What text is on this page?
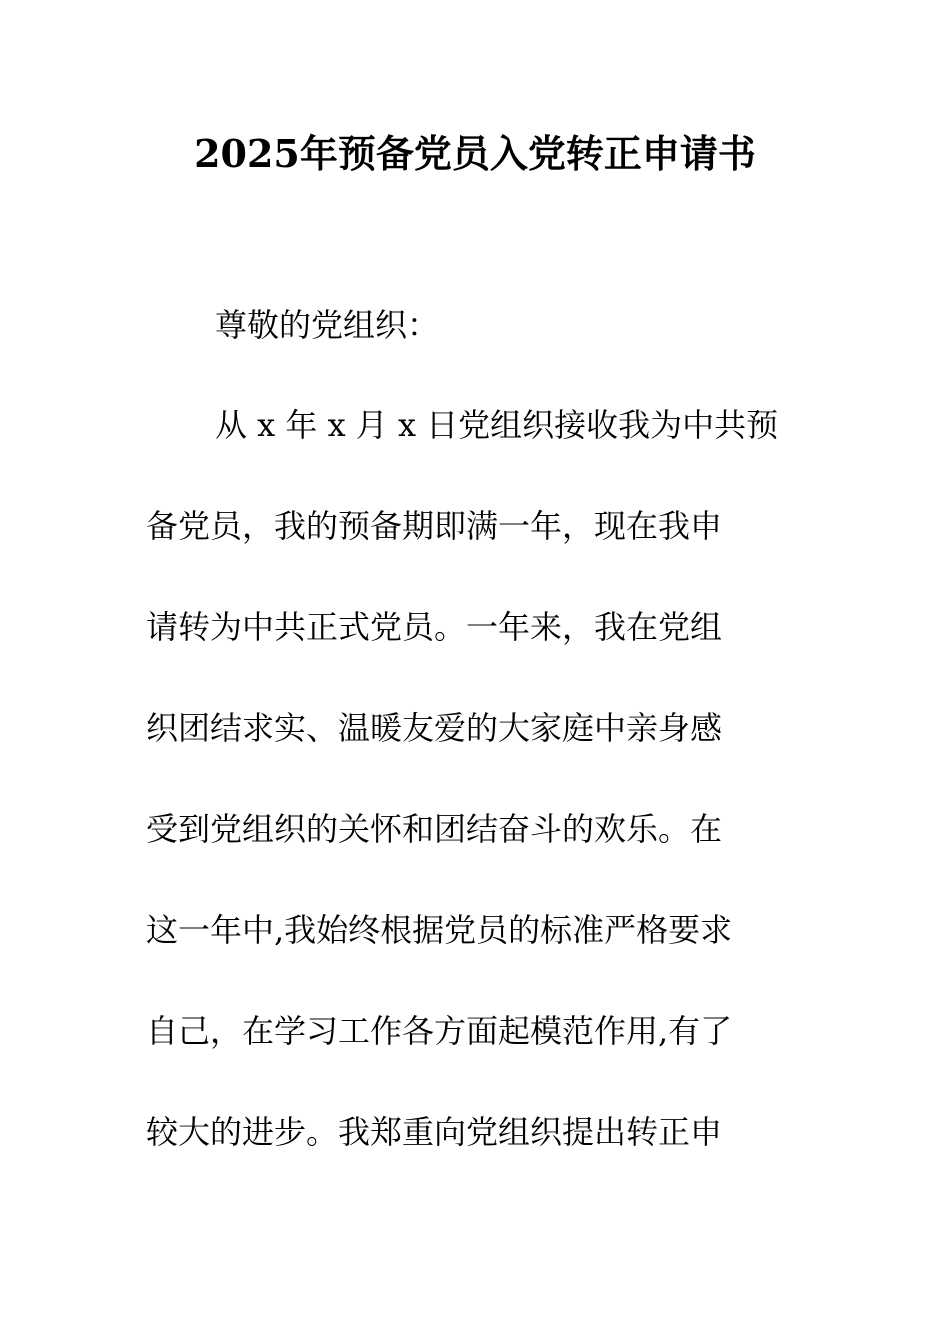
2025年预备党员入党转正申请书
尊敬的党组织：
从 x 年 x 月 x 日党组织接收我为中共预
备党员，我的预备期即满一年，现在我申
请转为中共正式党员。一年来，我在党组
织团结求实、温暖友爱的大家庭中亲身感
受到党组织的关怀和团结奋斗的欢乐。在
这一年中,我始终根据党员的标准严格要求
自己，在学习工作各方面起模范作用,有了
较大的进步。我郑重向党组织提出转正申
